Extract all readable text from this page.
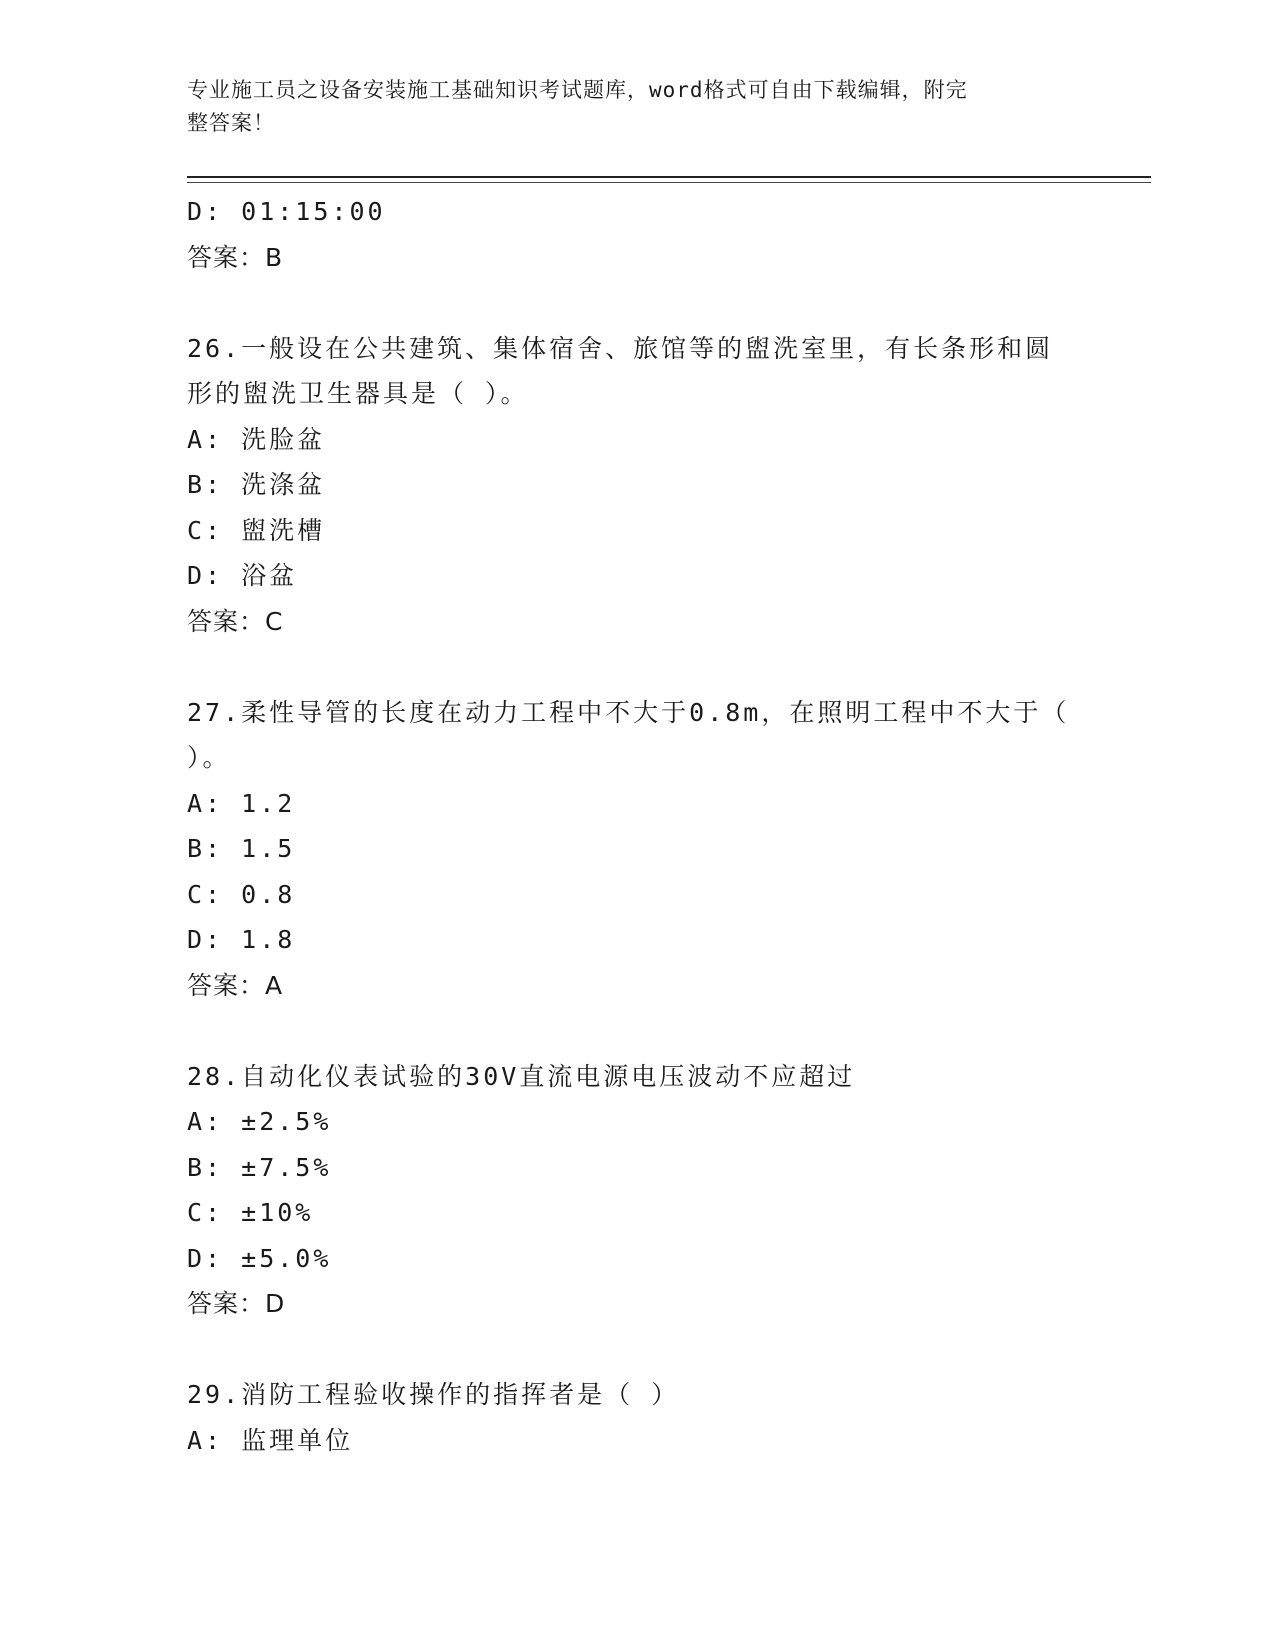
专业施工员之设备安装施工基础知识考试题库，word格式可自由下载编辑，附完
整答案！
D: 01:15:00
答案：B
26.一般设在公共建筑、集体宿舍、旅馆等的盥洗室里，有长条形和圆
形的盥洗卫生器具是（ ）。
A: 洗脸盆
B: 洗涤盆
C: 盥洗槽
D: 浴盆
答案：C
27.柔性导管的长度在动力工程中不大于0.8m，在照明工程中不大于（
）。
A: 1.2
B: 1.5
C: 0.8
D: 1.8
答案：A
28.自动化仪表试验的30V直流电源电压波动不应超过
A: ±2.5%
B: ±7.5%
C: ±10%
D: ±5.0%
答案：D
29.消防工程验收操作的指挥者是（ ）
A: 监理单位
